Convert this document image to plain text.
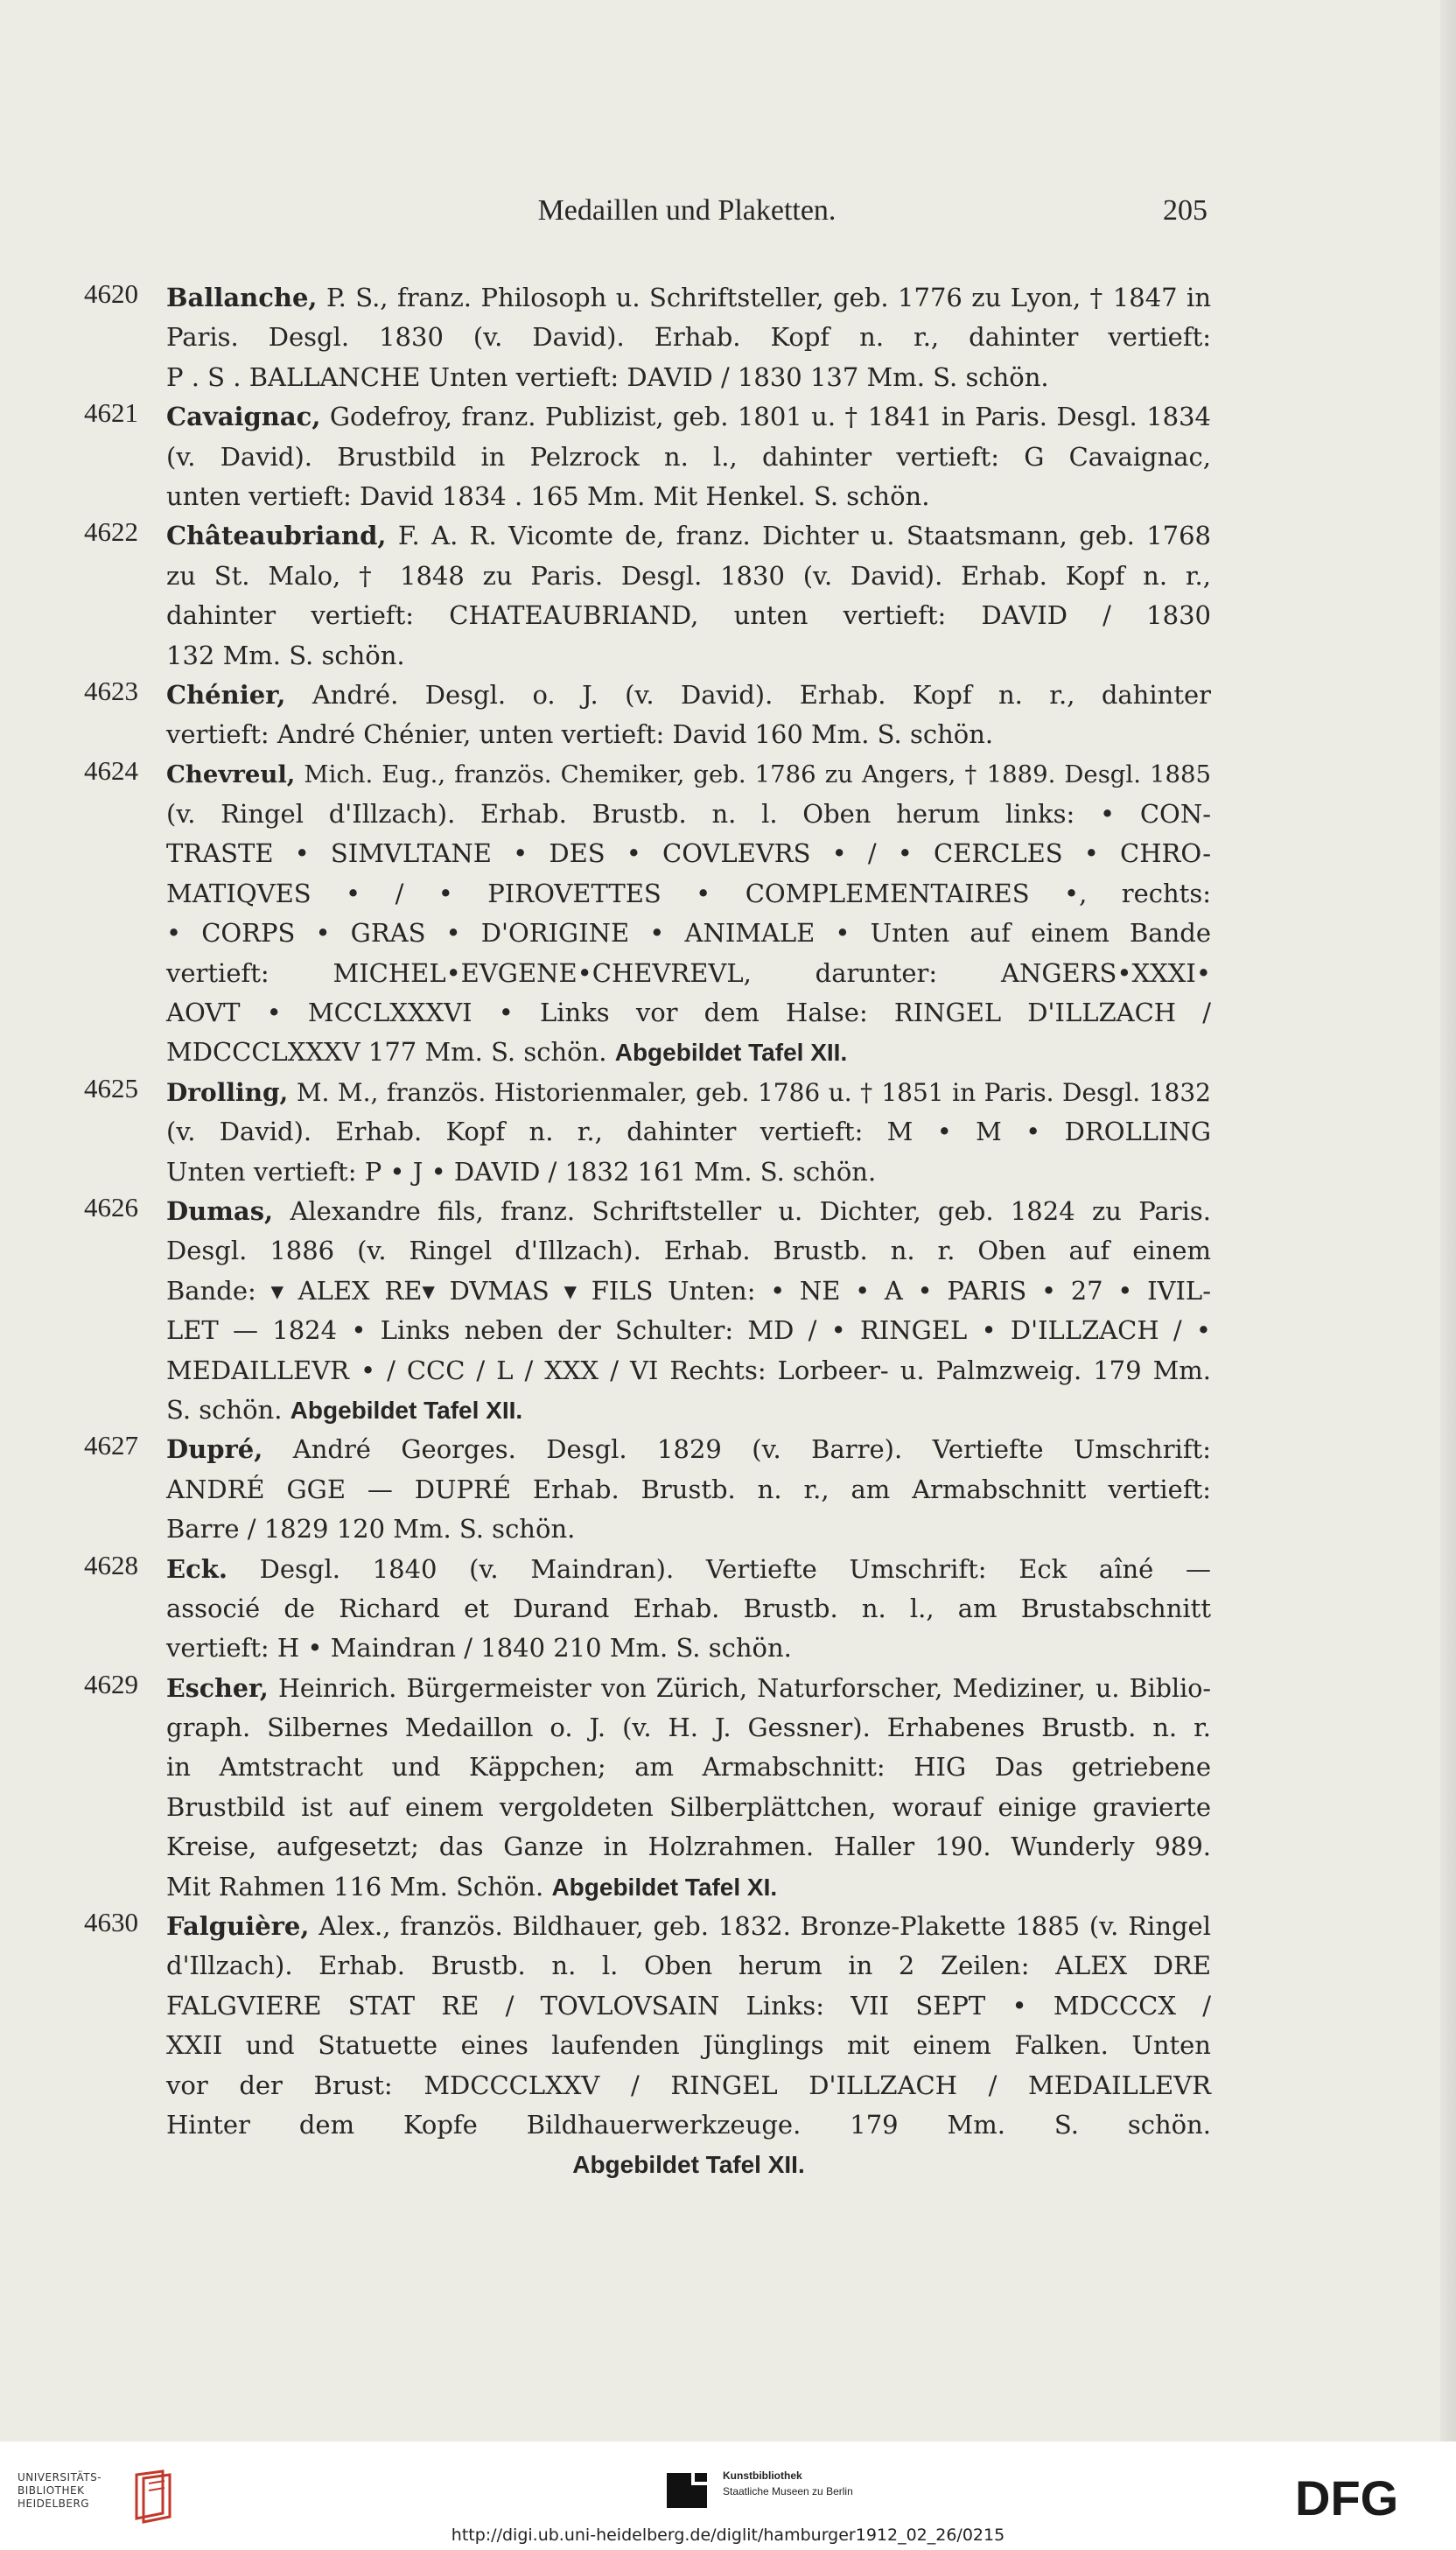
Medaillen und Plaketten.	205
4620	Ballanche, P. S., franz. Philosoph u. Schriftsteller, geb. 1776 zu Lyon, † 1847 in
Paris. Desgl. 1830 (v. David). Erhab. Kopf n. r., dahinter vertieft:
P . S . BALLANCHE Unten vertieft: DAVID / 1830 137 Mm. S. schön.
4621	Cavaignac, Godefroy, franz. Publizist, geb. 1801 u. † 1841 in Paris. Desgl. 1834
(v. David). Brustbild in Pelzrock n. l., dahinter vertieft: G Cavaignac,
unten vertieft: David 1834 . 165 Mm. Mit Henkel. S. schön.
4622	Châteaubriand, F. A. R. Vicomte de, franz. Dichter u. Staatsmann, geb. 1768
zu St. Malo, † 1848 zu Paris. Desgl. 1830 (v. David). Erhab. Kopf n. r.,
dahinter vertieft: CHATEAUBRIAND, unten vertieft: DAVID / 1830
132 Mm. S. schön.
4623	Chénier, André. Desgl. o. J. (v. David). Erhab. Kopf n. r., dahinter
vertieft: André Chénier, unten vertieft: David 160 Mm. S. schön.
4624	Chevreul, Mich. Eug., französ. Chemiker, geb. 1786 zu Angers, † 1889. Desgl. 1885
(v. Ringel d'Illzach). Erhab. Brustb. n. l. Oben herum links: • CON-
TRASTE • SIMVLTANE • DES • COVLEVRS • / • CERCLES • CHRO-
MATIQVES • / • PIROVETTES • COMPLEMENTAIRES •, rechts:
• CORPS • GRAS • D'ORIGINE • ANIMALE • Unten auf einem Bande
vertieft: MICHEL•EVGENE•CHEVREVL, darunter: ANGERS•XXXI•
AOVT • MCCLXXXVI • Links vor dem Halse: RINGEL D'ILLZACH /
MDCCCLXXXV 177 Mm. S. schön. Abgebildet Tafel XII.
4625	Drolling, M. M., französ. Historienmaler, geb. 1786 u. † 1851 in Paris. Desgl. 1832
(v. David). Erhab. Kopf n. r., dahinter vertieft: M • M • DROLLING
Unten vertieft: P • J • DAVID / 1832 161 Mm. S. schön.
4626	Dumas, Alexandre fils, franz. Schriftsteller u. Dichter, geb. 1824 zu Paris.
Desgl. 1886 (v. Ringel d'Illzach). Erhab. Brustb. n. r. Oben auf einem
Bande: ▾ ALEX RE▾ DVMAS ▾ FILS Unten: • NE • A • PARIS • 27 • IVIL-
LET — 1824 • Links neben der Schulter: MD / • RINGEL • D'ILLZACH / •
MEDAILLEVR • / CCC / L / XXX / VI Rechts: Lorbeer- u. Palmzweig. 179 Mm.
S. schön. Abgebildet Tafel XII.
4627	Dupré, André Georges. Desgl. 1829 (v. Barre). Vertiefte Umschrift:
ANDRÉ GGE — DUPRÉ Erhab. Brustb. n. r., am Armabschnitt vertieft:
Barre / 1829 120 Mm. S. schön.
4628	Eck. Desgl. 1840 (v. Maindran). Vertiefte Umschrift: Eck aîné —
associé de Richard et Durand Erhab. Brustb. n. l., am Brustabschnitt
vertieft: H • Maindran / 1840 210 Mm. S. schön.
4629	Escher, Heinrich. Bürgermeister von Zürich, Naturforscher, Mediziner, u. Biblio-
graph. Silbernes Medaillon o. J. (v. H. J. Gessner). Erhabenes Brustb. n. r.
in Amtstracht und Käppchen; am Armabschnitt: HIG Das getriebene
Brustbild ist auf einem vergoldeten Silberplättchen, worauf einige gravierte
Kreise, aufgesetzt; das Ganze in Holzrahmen. Haller 190. Wunderly 989.
Mit Rahmen 116 Mm. Schön. Abgebildet Tafel XI.
4630	Falguière, Alex., französ. Bildhauer, geb. 1832. Bronze-Plakette 1885 (v. Ringel
d'Illzach). Erhab. Brustb. n. l. Oben herum in 2 Zeilen: ALEX DRE
FALGVIERE STAT RE / TOVLOVSAIN Links: VII SEPT • MDCCCX /
XXII und Statuette eines laufenden Jünglings mit einem Falken. Unten
vor der Brust: MDCCCLXXV / RINGEL D'ILLZACH / MEDAILLEVR
Hinter dem Kopfe Bildhauerwerkzeuge. 179 Mm. S. schön.
Abgebildet Tafel XII.
UNIVERSITÄTS-
BIBLIOTHEK
HEIDELBERG
Kunstbibliothek
Staatliche Museen zu Berlin	DFG
http://digi.ub.uni-heidelberg.de/diglit/hamburger1912_02_26/0215
